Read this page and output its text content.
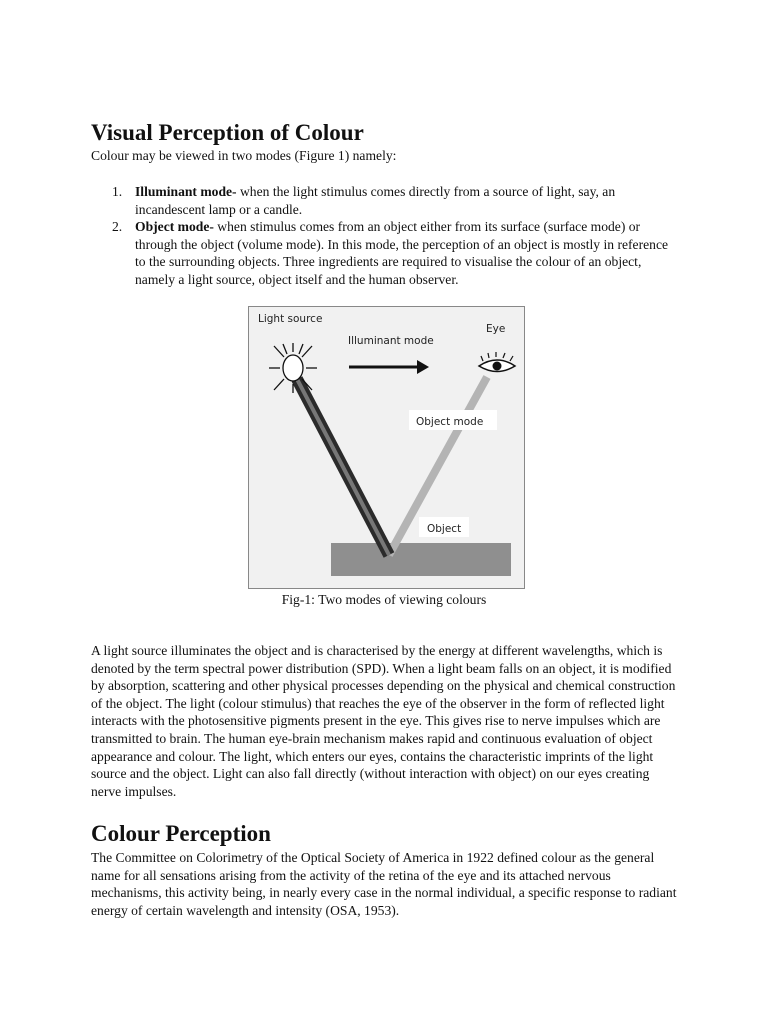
Visual Perception of Colour

Colour may be viewed in two modes (Figure 1) namely:

1. Illuminant mode- when the light stimulus comes directly from a source of light, say, an incandescent lamp or a candle.
2. Object mode- when stimulus comes from an object either from its surface (surface mode) or through the object (volume mode). In this mode, the perception of an object is mostly in reference to the surrounding objects. Three ingredients are required to visualise the colour of an object, namely a light source, object itself and the human observer.

A light source illuminates the object and is characterised by the energy at different wavelengths, which is denoted by the term spectral power distribution (SPD). When a light beam falls on an object, it is modified by absorption, scattering and other physical processes depending on the physical and chemical construction of the object. The light (colour stimulus) that reaches the eye of the observer in the form of reflected light interacts with the photosensitive pigments present in the eye. This gives rise to nerve impulses which are transmitted to brain. The human eye-brain mechanism makes rapid and continuous evaluation of object appearance and colour. The light, which enters our eyes, contains the characteristic imprints of the light source and the object. Light can also fall directly (without interaction with object) on our eyes creating nerve impulses.

Colour Perception

The Committee on Colorimetry of the Optical Society of America in 1922 defined colour as the general name for all sensations arising from the activity of the retina of the eye and its attached nervous mechanisms, this activity being, in nearly every case in the normal individual, a specific response to radiant energy of certain wavelength and intensity (OSA, 1953).

Light source
Illuminant mode
Eye
Object mode
Object
Fig-1: Two modes of viewing colours
